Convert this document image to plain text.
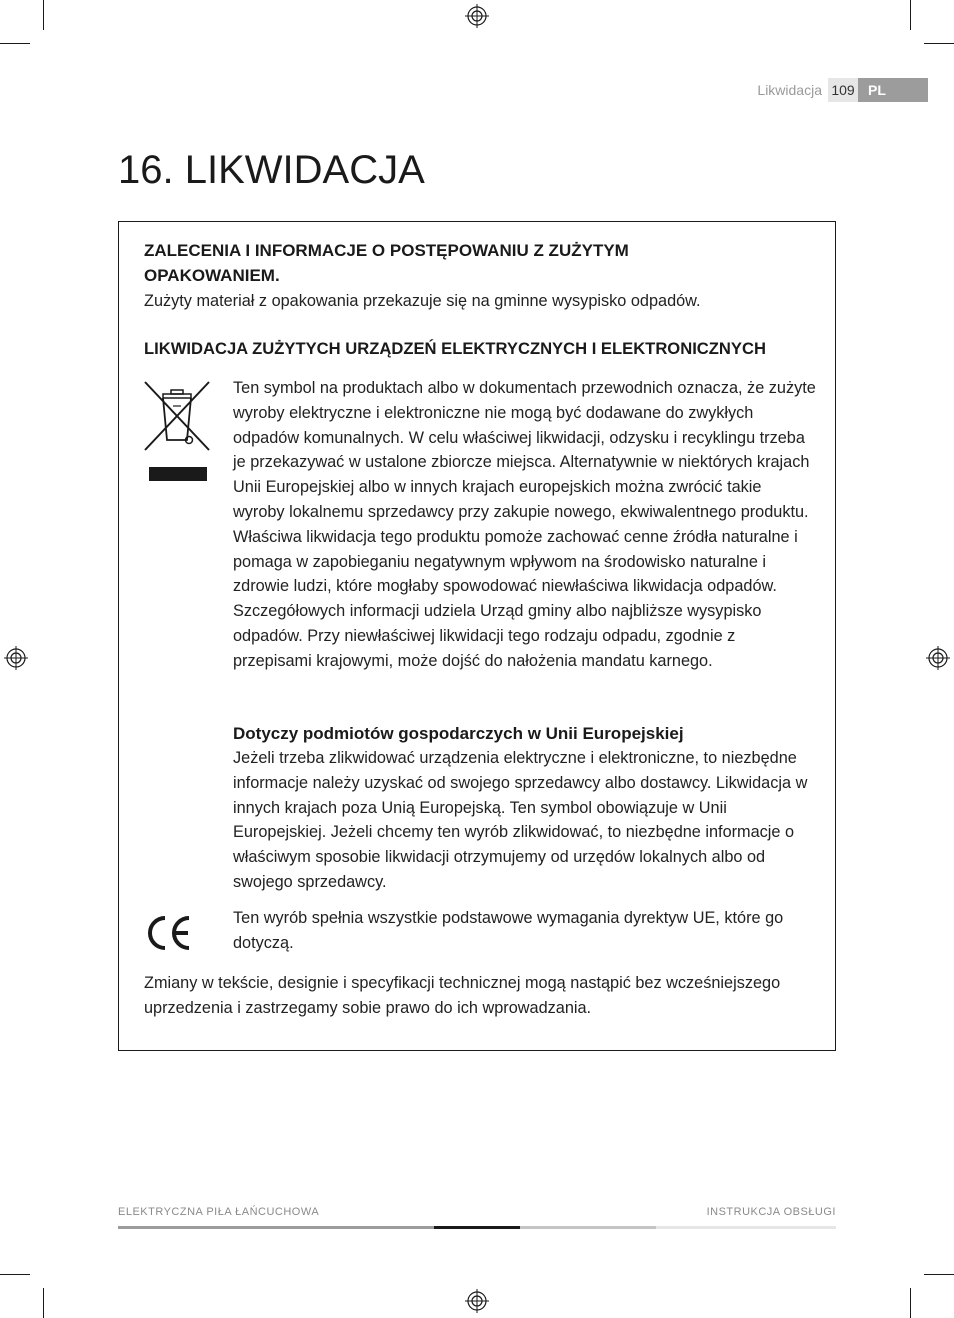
Likwidacja 109 PL
16. LIKWIDACJA

ZALECENIA I INFORMACJE O POSTĘPOWANIU Z ZUŻYTYM OPAKOWANIEM.

Zużyty materiał z opakowania przekazuje się na gminne wysypisko odpadów.

LIKWIDACJA ZUŻYTYCH URZĄDZEŃ ELEKTRYCZNYCH I ELEKTRONICZNYCH

Ten symbol na produktach albo w dokumentach przewodnich oznacza, że zużyte wyroby elektryczne i elektroniczne nie mogą być dodawane do zwykłych odpadów komunalnych. W celu właściwej likwidacji, odzysku i recyklingu trzeba je przekazywać w ustalone zbiorcze miejsca. Alternatywnie w niektórych krajach Unii Europejskiej albo w innych krajach europejskich można zwrócić takie wyroby lokalnemu sprzedawcy przy zakupie nowego, ekwiwalentnego produktu. Właściwa likwidacja tego produktu pomoże zachować cenne źródła naturalne i pomaga w zapobieganiu negatywnym wpływom na środowisko naturalne i zdrowie ludzi, które mogłaby spowodować niewłaściwa likwidacja odpadów. Szczegółowych informacji udziela Urząd gminy albo najbliższe wysypisko odpadów. Przy niewłaściwej likwidacji tego rodzaju odpadu, zgodnie z przepisami krajowymi, może dojść do nałożenia mandatu karnego.

Dotyczy podmiotów gospodarczych w Unii Europejskiej

Jeżeli trzeba zlikwidować urządzenia elektryczne i elektroniczne, to niezbędne informacje należy uzyskać od swojego sprzedawcy albo dostawcy. Likwidacja w innych krajach poza Unią Europejską. Ten symbol obowiązuje w Unii Europejskiej. Jeżeli chcemy ten wyrób zlikwidować, to niezbędne informacje o właściwym sposobie likwidacji otrzymujemy od urzędów lokalnych albo od swojego sprzedawcy.

Ten wyrób spełnia wszystkie podstawowe wymagania dyrektyw UE, które go dotyczą.

Zmiany w tekście, designie i specyfikacji technicznej mogą nastąpić bez wcześniejszego uprzedzenia i zastrzegamy sobie prawo do ich wprowadzania.

ELEKTRYCZNA PIŁA ŁAŃCUCHOWA	INSTRUKCJA OBSŁUGI
